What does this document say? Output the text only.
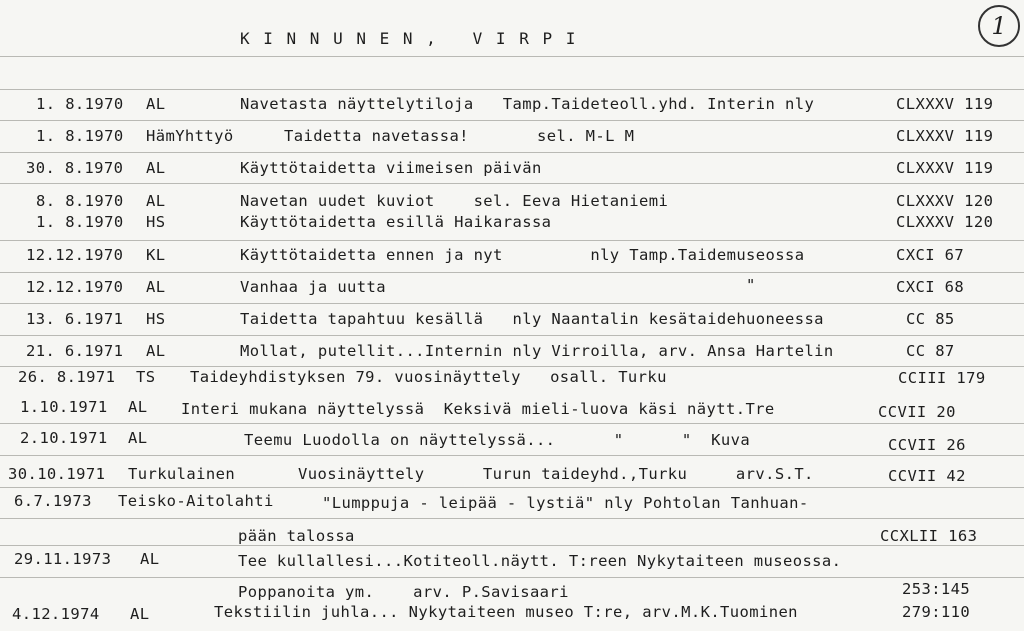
K I N N U N E N ,   V I R P I	1
1. 8.1970 AL	Navetasta näyttelytiloja   Tamp.Taideteoll.yhd. Interin nly	CLXXXV 119
1. 8.1970 HämYhttyö	Taidetta navetassa!       sel. M-L M	CLXXXV 119
30. 8.1970 AL	Käyttötaidetta viimeisen päivän	CLXXXV 119
8. 8.1970 AL	Navetan uudet kuviot    sel. Eeva Hietaniemi	CLXXXV 120
1. 8.1970 HS	Käyttötaidetta esillä Haikarassa	CLXXXV 120
12.12.1970 KL	Käyttötaidetta ennen ja nyt         nly Tamp.Taidemuseossa	CXCI 67
12.12.1970 AL	Vanhaa ja uutta	"	CXCI 68
13. 6.1971 HS	Taidetta tapahtuu kesällä   nly Naantalin kesätaidehuoneessa	CC 85
21. 6.1971 AL	Mollat, putellit...Internin nly Virroilla, arv. Ansa Hartelin	CC 87
26. 8.1971 TS Taideyhdistyksen 79. vuosinäyttely   osall. Turku	CCIII 179
1.10.1971 AL Interi mukana näyttelyssä  Keksivä mieli-luova käsi näytt.Tre	CCVII 20
2.10.1971 AL	Teemu Luodolla on näyttelyssä...      "      "  Kuva	CCVII 26
30.10.1971 Turkulainen	Vuosinäyttely      Turun taideyhd.,Turku     arv.S.T.	CCVII 42
6.7.1973 Teisko-Aitolahti	"Lumppuja - leipää - lystiä" nly Pohtolan Tanhuan-
pään talossa	CCXLII 163
29.11.1973 AL	Tee kullallesi...Kotiteoll.näytt. T:reen Nykytaiteen museossa.
Poppanoita ym.    arv. P.Savisaari	253:145
4.12.1974 AL	Tekstiilin juhla... Nykytaiteen museo T:re, arv.M.K.Tuominen	279:110
